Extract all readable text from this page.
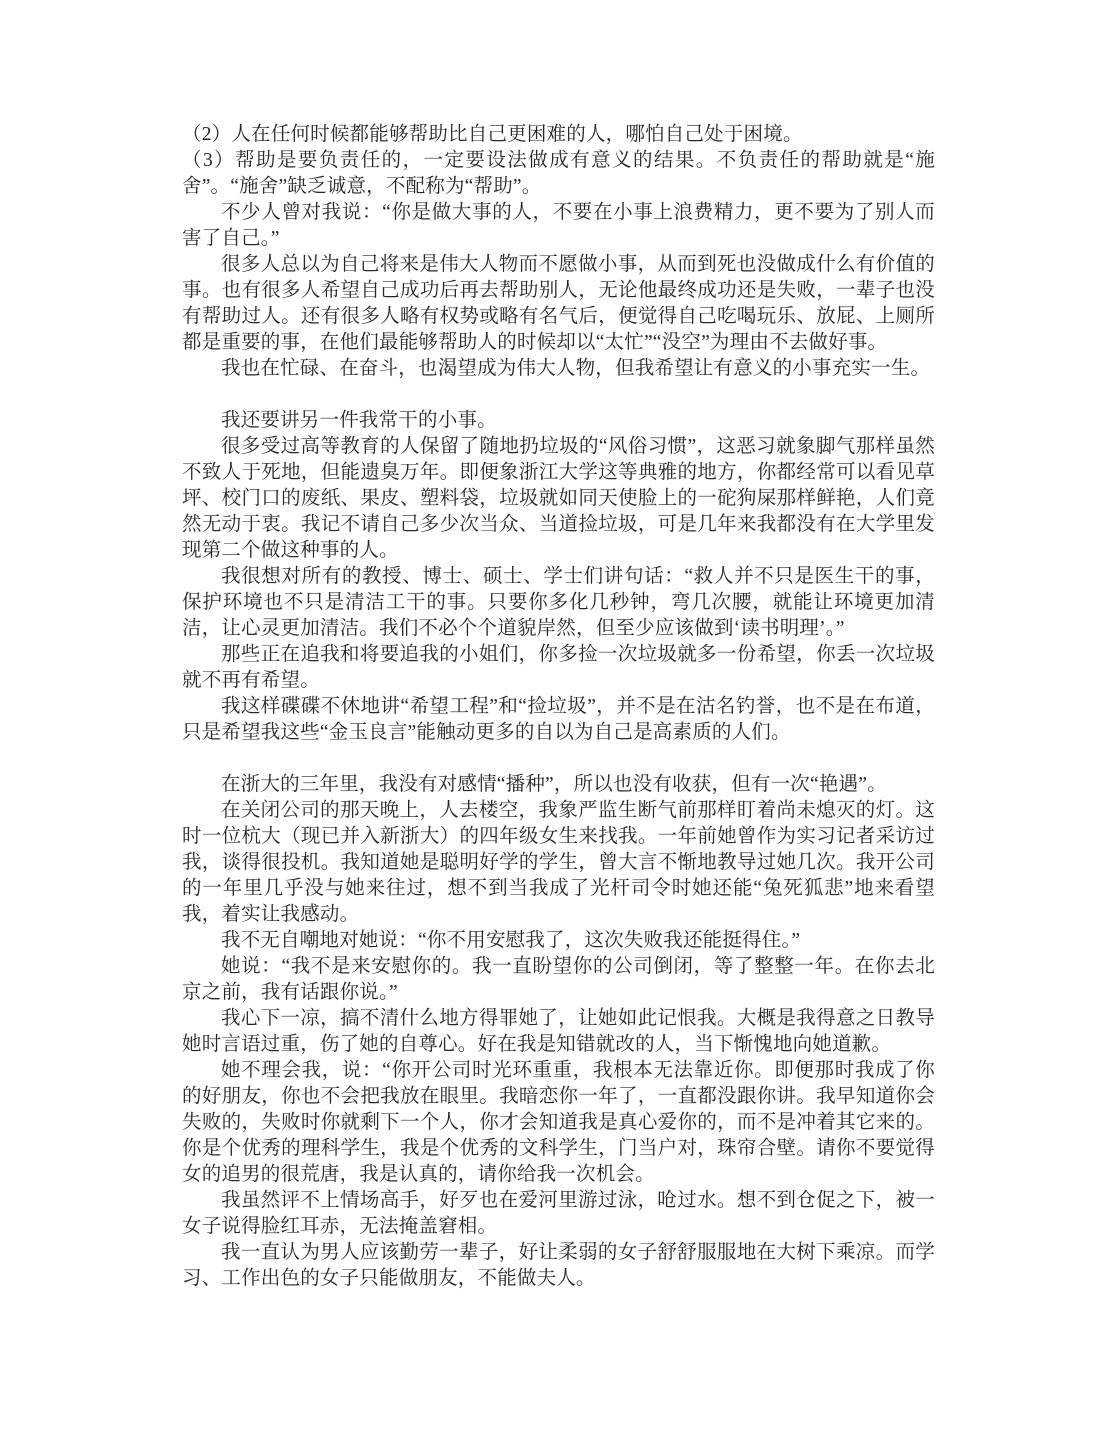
（2）人在任何时候都能够帮助比自己更困难的人，哪怕自己处于困境。

（3）帮助是要负责任的，一定要设法做成有意义的结果。不负责任的帮助就是“施舍”。“施舍”缺乏诚意，不配称为“帮助”。

不少人曾对我说：“你是做大事的人，不要在小事上浪费精力，更不要为了别人而害了自己。”

很多人总以为自己将来是伟大人物而不愿做小事，从而到死也没做成什么有价值的事。也有很多人希望自己成功后再去帮助别人，无论他最终成功还是失败，一辈子也没有帮助过人。还有很多人略有权势或略有名气后，便觉得自己吃喝玩乐、放屁、上厕所都是重要的事，在他们最能够帮助人的时候却以“太忙”“没空”为理由不去做好事。

我也在忙碌、在奋斗，也渴望成为伟大人物，但我希望让有意义的小事充实一生。

我还要讲另一件我常干的小事。

很多受过高等教育的人保留了随地扔垃圾的“风俗习惯”，这恶习就象脚气那样虽然不致人于死地，但能遗臭万年。即便象浙江大学这等典雅的地方，你都经常可以看见草坪、校门口的废纸、果皮、塑料袋，垃圾就如同天使脸上的一砣狗屎那样鲜艳，人们竟然无动于衷。我记不请自己多少次当众、当道捡垃圾，可是几年来我都没有在大学里发现第二个做这种事的人。

我很想对所有的教授、博士、硕士、学士们讲句话：“救人并不只是医生干的事，保护环境也不只是清洁工干的事。只要你多化几秒钟，弯几次腰，就能让环境更加清洁，让心灵更加清洁。我们不必个个道貌岸然，但至少应该做到‘读书明理’。”

那些正在追我和将要追我的小姐们，你多捡一次垃圾就多一份希望，你丢一次垃圾就不再有希望。

我这样碟碟不休地讲“希望工程”和“捡垃圾”，并不是在沽名钓誉，也不是在布道，只是希望我这些“金玉良言”能触动更多的自以为自己是高素质的人们。

在浙大的三年里，我没有对感情“播种”，所以也没有收获，但有一次“艳遇”。

在关闭公司的那天晚上，人去楼空，我象严监生断气前那样盯着尚未熄灭的灯。这时一位杭大（现已并入新浙大）的四年级女生来找我。一年前她曾作为实习记者采访过我，谈得很投机。我知道她是聪明好学的学生，曾大言不惭地教导过她几次。我开公司的一年里几乎没与她来往过，想不到当我成了光杆司令时她还能“兔死狐悲”地来看望我，着实让我感动。

我不无自嘲地对她说：“你不用安慰我了，这次失败我还能挺得住。”

她说：“我不是来安慰你的。我一直盼望你的公司倒闭，等了整整一年。在你去北京之前，我有话跟你说。”

我心下一凉，搞不清什么地方得罪她了，让她如此记恨我。大概是我得意之日教导她时言语过重，伤了她的自尊心。好在我是知错就改的人，当下惭愧地向她道歉。

她不理会我，说：“你开公司时光环重重，我根本无法靠近你。即便那时我成了你的好朋友，你也不会把我放在眼里。我暗恋你一年了，一直都没跟你讲。我早知道你会失败的，失败时你就剩下一个人，你才会知道我是真心爱你的，而不是冲着其它来的。你是个优秀的理科学生，我是个优秀的文科学生，门当户对，珠帘合壁。请你不要觉得女的追男的很荒唐，我是认真的，请你给我一次机会。

我虽然评不上情场高手，好歹也在爱河里游过泳，呛过水。想不到仓促之下，被一女子说得脸红耳赤，无法掩盖窘相。

我一直认为男人应该勤劳一辈子，好让柔弱的女子舒舒服服地在大树下乘凉。而学习、工作出色的女子只能做朋友，不能做夫人。
